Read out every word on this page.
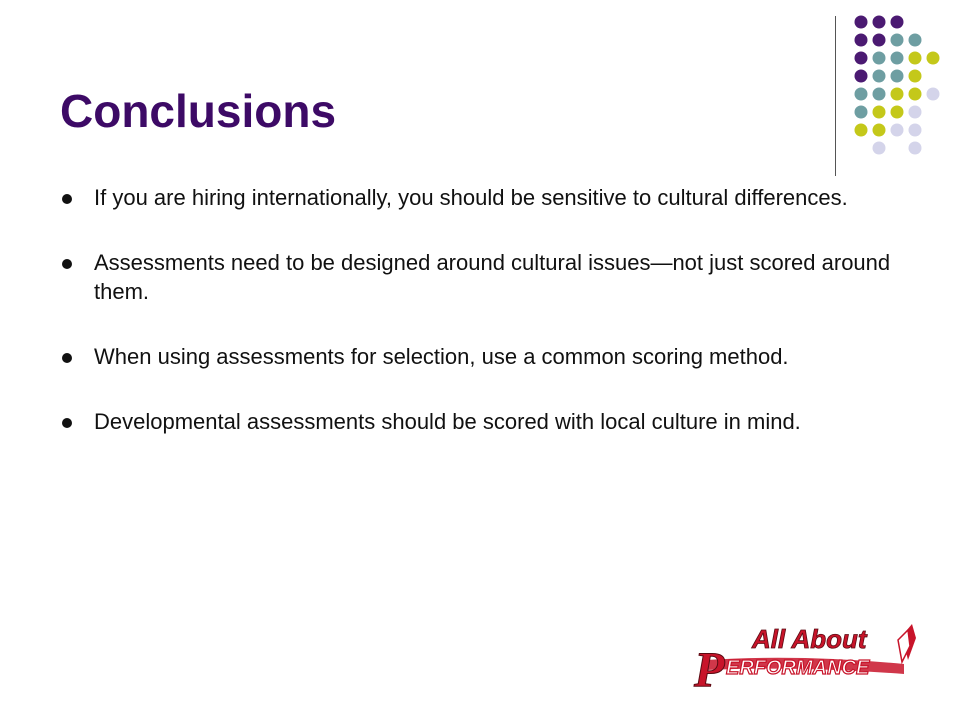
Conclusions
If you are hiring internationally, you should be sensitive to cultural differences.
Assessments need to be designed around cultural issues—not just scored around them.
When using assessments for selection, use a common scoring method.
Developmental assessments should be scored with local culture in mind.
All About
P ERFORMANCE
